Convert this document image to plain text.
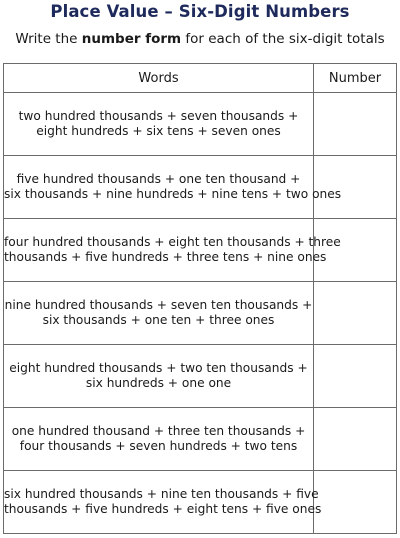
Place Value – Six-Digit Numbers
Write the number form for each of the six-digit totals
Words	Number

two hundred thousands + seven thousands +
eight hundreds + six tens + seven ones	

five hundred thousands + one ten thousand +
six thousands + nine hundreds + nine tens + two ones	

four hundred thousands + eight ten thousands + three
thousands + five hundreds + three tens + nine ones	

nine hundred thousands + seven ten thousands +
six thousands + one ten + three ones	

eight hundred thousands + two ten thousands +
six hundreds + one one	

one hundred thousand + three ten thousands +
four thousands + seven hundreds + two tens	

six hundred thousands + nine ten thousands + five
thousands + five hundreds + eight tens + five ones	
